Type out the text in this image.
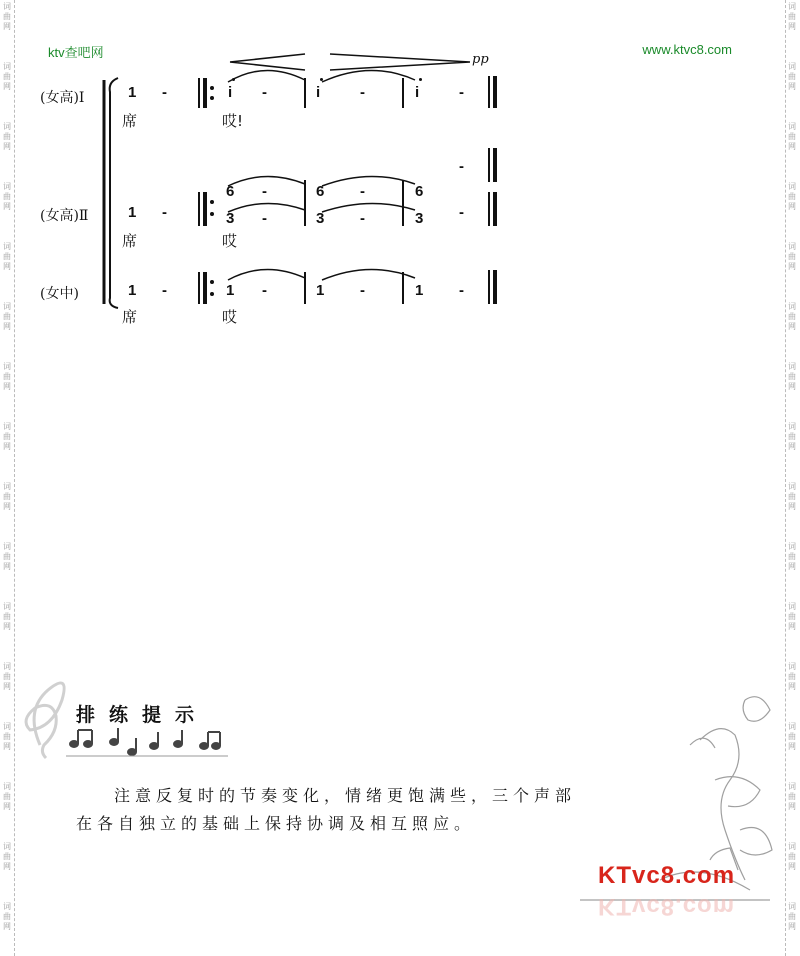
词
曲
网
词
曲
网
词
曲
网
词
曲
网
词
曲
网
词
曲
网
词
曲
网
词
曲
网
词
曲
网
词
曲
网
词
曲
网
词
曲
网
词
曲
网
词
曲
网
词
曲
网
词
曲
网
词
曲
网
词
曲
网
词
曲
网
词
曲
网
词
曲
网
词
曲
网
词
曲
网
词
曲
网
词
曲
网
词
曲
网
词
曲
网
词
曲
网
词
曲
网
词
曲
网
词
曲
网
词
曲
网
ktv查吧网	www.ktvc8.com
pp
(女高)Ⅰ	1 -	i -	i	-	i	-
席	哎!
-
(女高)Ⅱ	1 -
6 -	6 -	6
3 -	3 -	3 -
席	哎
(女中)	1 -	1 -	1 -	1 -
席	哎
排练提示
注意反复时的节奏变化，情绪更饱满些，三个声部
在各自独立的基础上保持协调及相互照应。
KTvc8.com
KTvc8.com
